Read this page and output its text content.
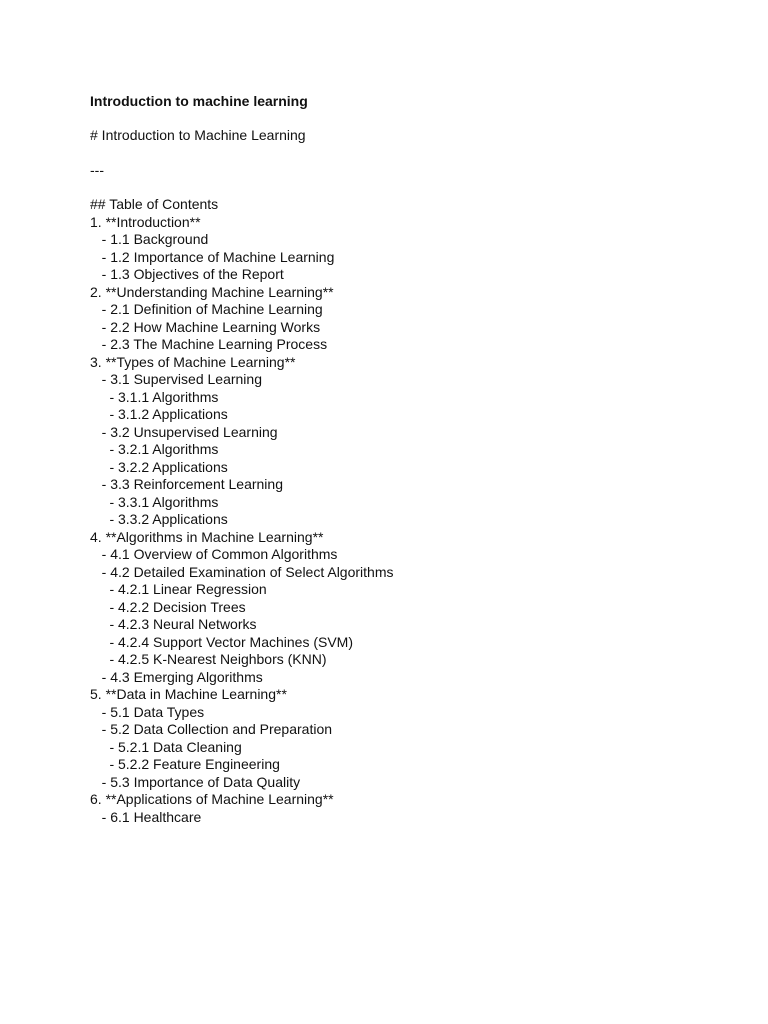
Introduction to machine learning

# Introduction to Machine Learning

---

## Table of Contents

1. **Introduction**
- 1.1 Background
- 1.2 Importance of Machine Learning
- 1.3 Objectives of the Report
2. **Understanding Machine Learning**
- 2.1 Definition of Machine Learning
- 2.2 How Machine Learning Works
- 2.3 The Machine Learning Process
3. **Types of Machine Learning**
- 3.1 Supervised Learning
- 3.1.1 Algorithms
- 3.1.2 Applications
- 3.2 Unsupervised Learning
- 3.2.1 Algorithms
- 3.2.2 Applications
- 3.3 Reinforcement Learning
- 3.3.1 Algorithms
- 3.3.2 Applications
4. **Algorithms in Machine Learning**
- 4.1 Overview of Common Algorithms
- 4.2 Detailed Examination of Select Algorithms
- 4.2.1 Linear Regression
- 4.2.2 Decision Trees
- 4.2.3 Neural Networks
- 4.2.4 Support Vector Machines (SVM)
- 4.2.5 K-Nearest Neighbors (KNN)
- 4.3 Emerging Algorithms
5. **Data in Machine Learning**
- 5.1 Data Types
- 5.2 Data Collection and Preparation
- 5.2.1 Data Cleaning
- 5.2.2 Feature Engineering
- 5.3 Importance of Data Quality
6. **Applications of Machine Learning**
- 6.1 Healthcare
